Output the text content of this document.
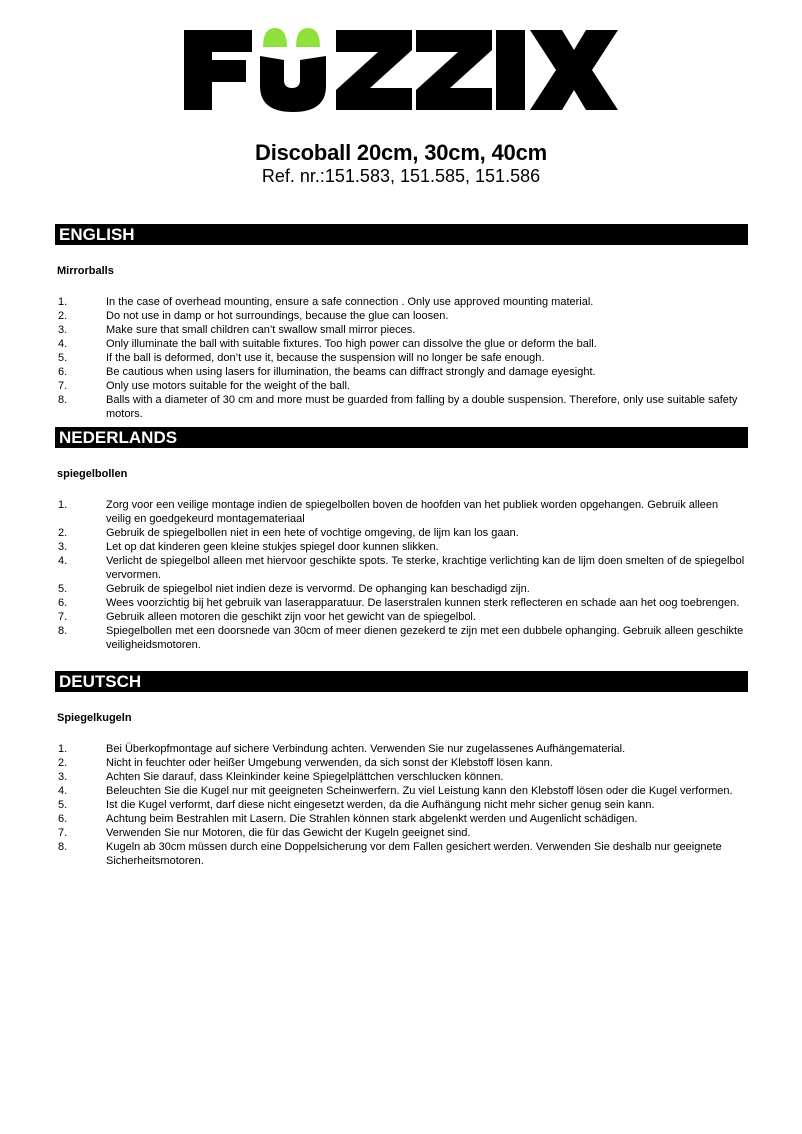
Discoball 20cm, 30cm, 40cm
Ref. nr.:151.583, 151.585, 151.586
ENGLISH
Mirrorballs
1.	In the case of overhead mounting, ensure a safe connection . Only use approved mounting material.
2.	Do not use in damp or hot surroundings, because the glue can loosen.
3.	Make sure that small children can’t swallow small mirror pieces.
4.	Only illuminate the ball with suitable fixtures. Too high power can dissolve the glue or deform the ball.
5.	If the ball is deformed, don’t use it, because the suspension will no longer be safe enough.
6.	Be cautious when using lasers for illumination, the beams can diffract strongly and damage eyesight.
7.	Only use motors suitable for the weight of the ball.
8.	Balls with a diameter of 30 cm and more must be guarded from falling by a double suspension. Therefore, only use suitable safety motors.
NEDERLANDS
spiegelbollen
1.	Zorg voor een veilige montage indien de spiegelbollen boven de hoofden van het publiek worden opgehangen. Gebruik alleen veilig en goedgekeurd montagemateriaal
2.	Gebruik de spiegelbollen niet in een hete of vochtige omgeving, de lijm kan los gaan.
3.	Let op dat kinderen geen kleine stukjes spiegel door kunnen slikken.
4.	Verlicht de spiegelbol alleen met hiervoor geschikte spots. Te sterke, krachtige verlichting kan de lijm doen smelten of de spiegelbol vervormen.
5.	Gebruik de spiegelbol niet indien deze is vervormd. De ophanging kan beschadigd zijn.
6.	Wees voorzichtig bij het gebruik van laserapparatuur. De laserstralen kunnen sterk reflecteren en schade aan het oog toebrengen.
7.	Gebruik alleen motoren die geschikt zijn voor het gewicht van de spiegelbol.
8.	Spiegelbollen met een doorsnede van 30cm of meer dienen gezekerd te zijn met een dubbele ophanging. Gebruik alleen geschikte veiligheidsmotoren.
DEUTSCH
Spiegelkugeln
1.	Bei Überkopfmontage auf sichere Verbindung achten. Verwenden Sie nur zugelassenes Aufhängematerial.
2.	Nicht in feuchter oder heißer Umgebung verwenden, da sich sonst der Klebstoff lösen kann.
3.	Achten Sie darauf, dass Kleinkinder keine Spiegelplättchen verschlucken können.
4.	Beleuchten Sie die Kugel nur mit geeigneten Scheinwerfern. Zu viel Leistung kann den Klebstoff lösen oder die Kugel verformen.
5.	Ist die Kugel verformt, darf diese nicht eingesetzt werden, da die Aufhängung nicht mehr sicher genug sein kann.
6.	Achtung beim Bestrahlen mit Lasern. Die Strahlen können stark abgelenkt werden und Augenlicht schädigen.
7.	Verwenden Sie nur Motoren, die für das Gewicht der Kugeln geeignet sind.
8.	Kugeln ab 30cm müssen durch eine Doppelsicherung vor dem Fallen gesichert werden. Verwenden Sie deshalb nur geeignete Sicherheitsmotoren.
